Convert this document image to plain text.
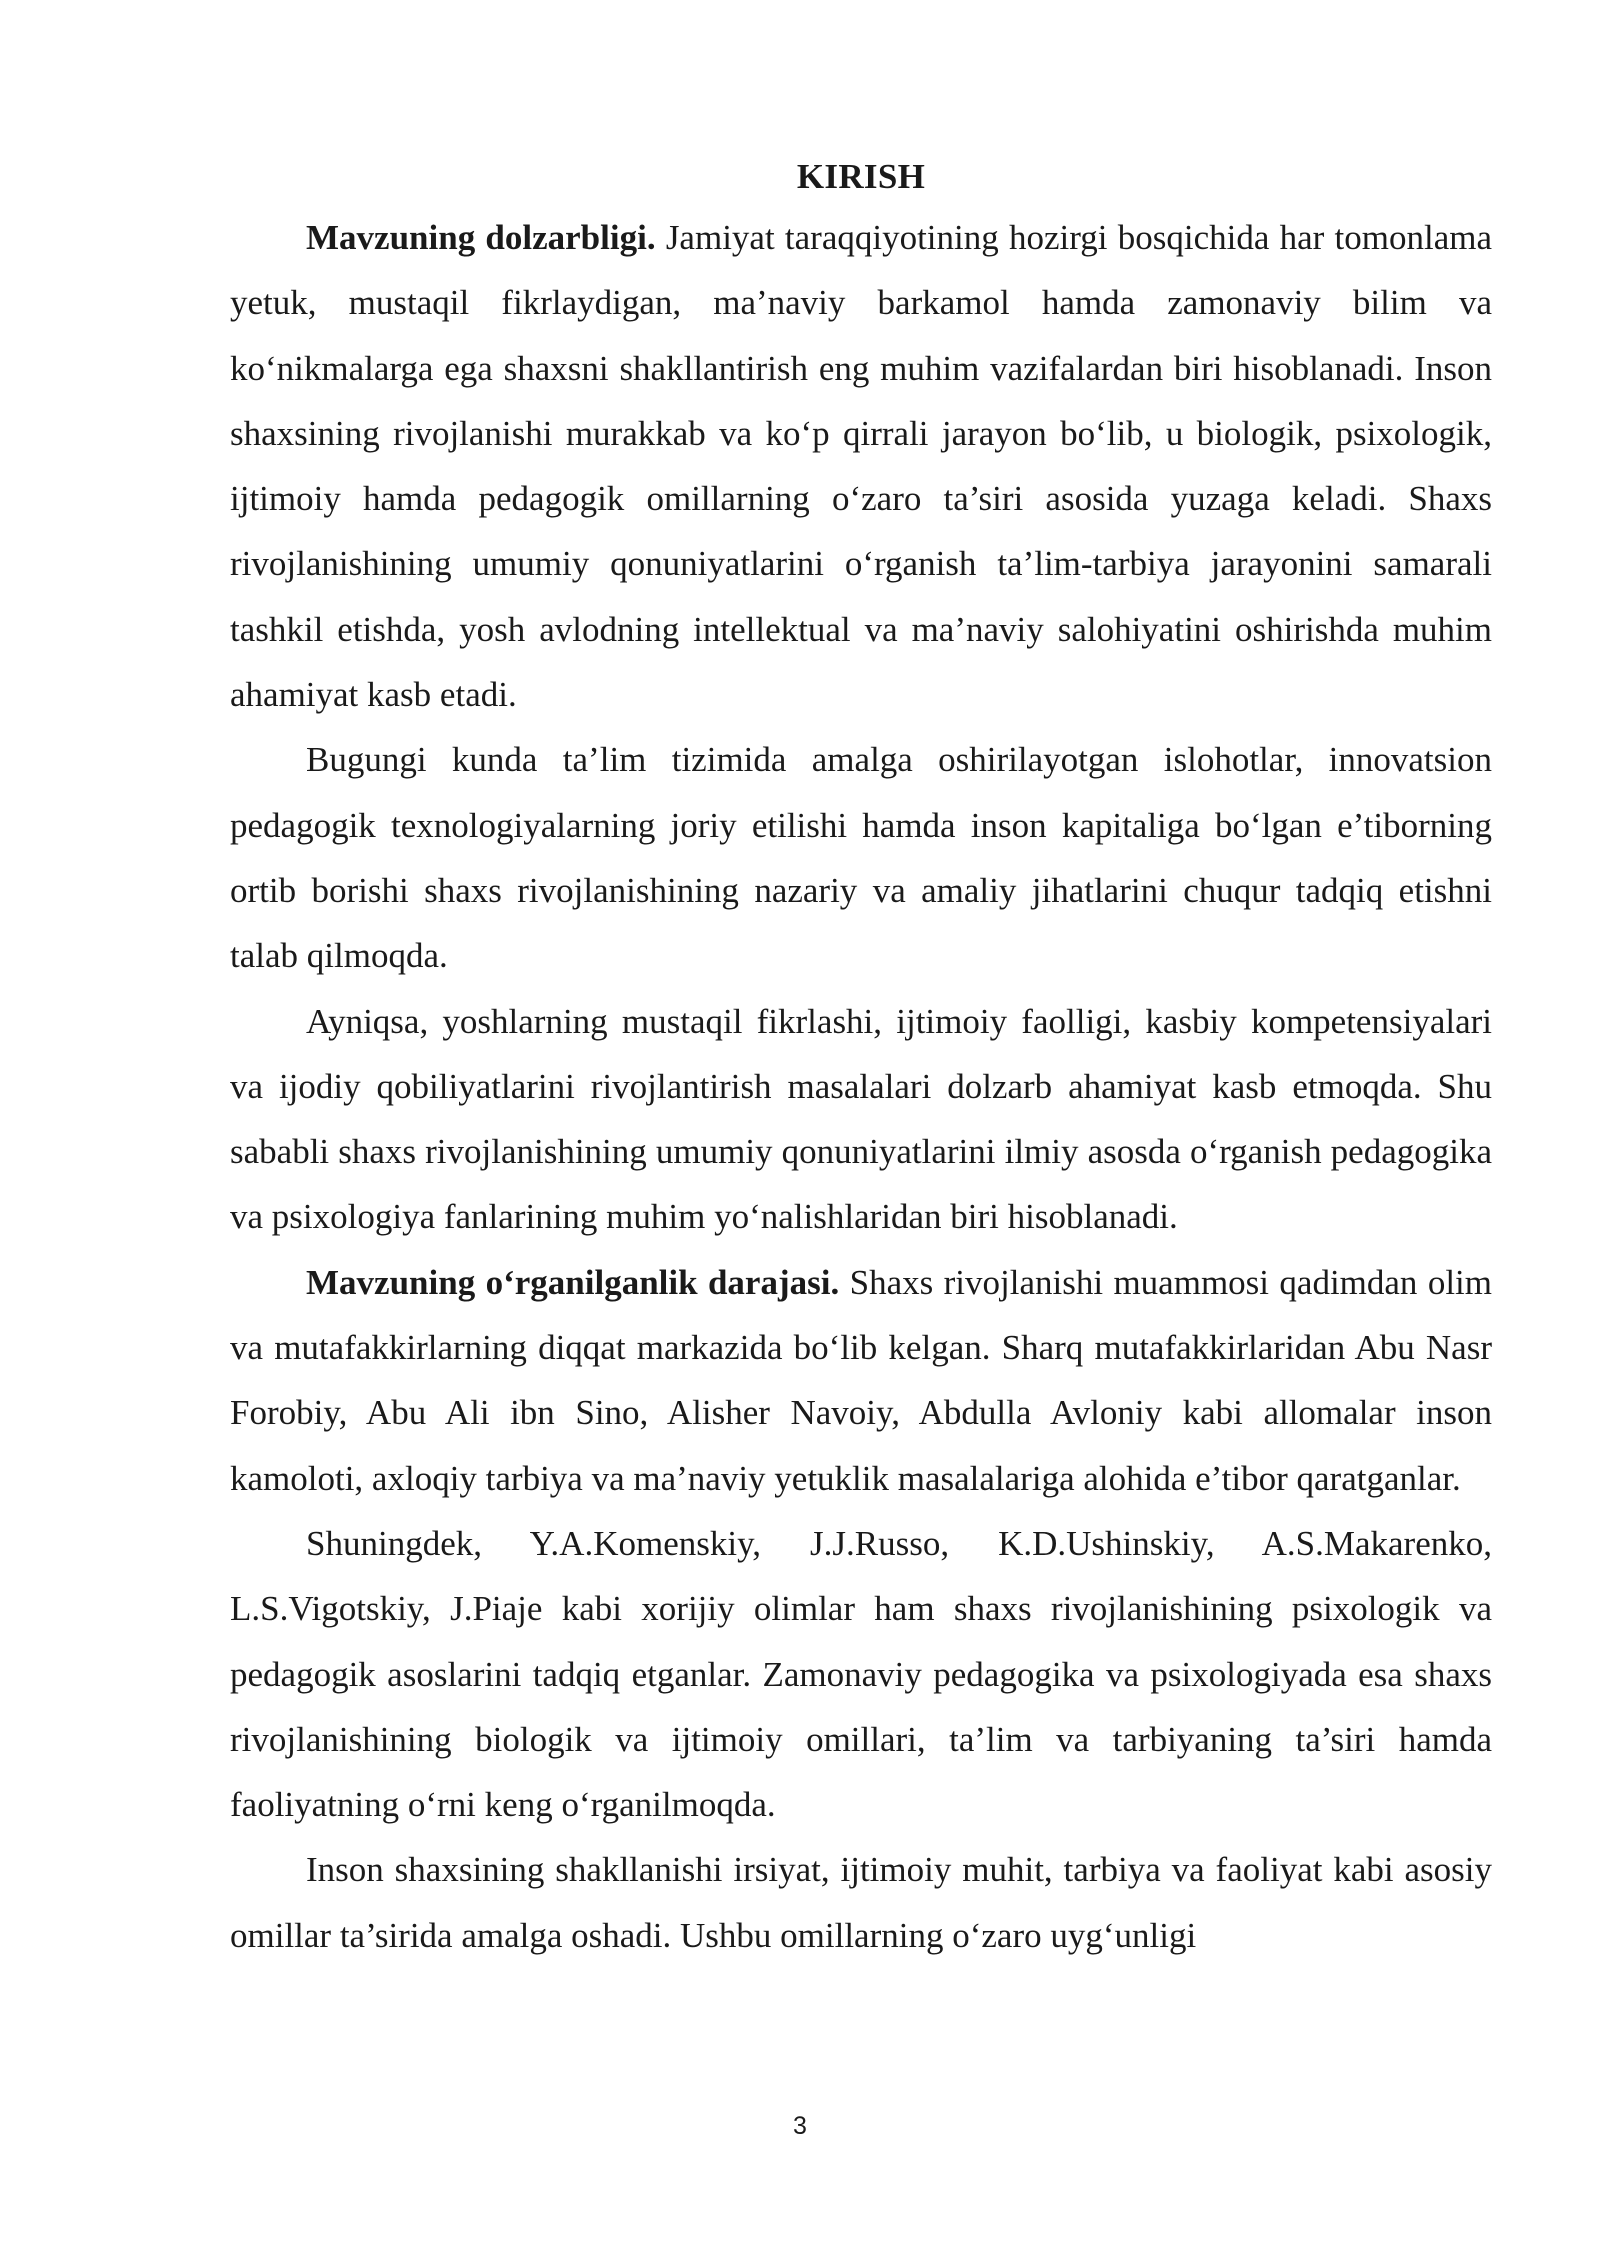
KIRISH

Mavzuning dolzarbligi. Jamiyat taraqqiyotining hozirgi bosqichida har tomonlama yetuk, mustaqil fikrlaydigan, ma’naviy barkamol hamda zamonaviy bilim va ko‘nikmalarga ega shaxsni shakllantirish eng muhim vazifalardan biri hisoblanadi. Inson shaxsining rivojlanishi murakkab va ko‘p qirrali jarayon bo‘lib, u biologik, psixologik, ijtimoiy hamda pedagogik omillarning o‘zaro ta’siri asosida yuzaga keladi. Shaxs rivojlanishining umumiy qonuniyatlarini o‘rganish ta’lim-tarbiya jarayonini samarali tashkil etishda, yosh avlodning intellektual va ma’naviy salohiyatini oshirishda muhim ahamiyat kasb etadi.

Bugungi kunda ta’lim tizimida amalga oshirilayotgan islohotlar, innovatsion pedagogik texnologiyalarning joriy etilishi hamda inson kapitaliga bo‘lgan e’tiborning ortib borishi shaxs rivojlanishining nazariy va amaliy jihatlarini chuqur tadqiq etishni talab qilmoqda.

Ayniqsa, yoshlarning mustaqil fikrlashi, ijtimoiy faolligi, kasbiy kompetensiyalari va ijodiy qobiliyatlarini rivojlantirish masalalari dolzarb ahamiyat kasb etmoqda. Shu sababli shaxs rivojlanishining umumiy qonuniyatlarini ilmiy asosda o‘rganish pedagogika va psixologiya fanlarining muhim yo‘nalishlaridan biri hisoblanadi.

Mavzuning o‘rganilganlik darajasi. Shaxs rivojlanishi muammosi qadimdan olim va mutafakkirlarning diqqat markazida bo‘lib kelgan. Sharq mutafakkirlaridan Abu Nasr Forobiy, Abu Ali ibn Sino, Alisher Navoiy, Abdulla Avloniy kabi allomalar inson kamoloti, axloqiy tarbiya va ma’naviy yetuklik masalalariga alohida e’tibor qaratganlar.

Shuningdek, Y.A.Komenskiy, J.J.Russo, K.D.Ushinskiy, A.S.Makarenko, L.S.Vigotskiy, J.Piaje kabi xorijiy olimlar ham shaxs rivojlanishining psixologik va pedagogik asoslarini tadqiq etganlar. Zamonaviy pedagogika va psixologiyada esa shaxs rivojlanishining biologik va ijtimoiy omillari, ta’lim va tarbiyaning ta’siri hamda faoliyatning o‘rni keng o‘rganilmoqda.

Inson shaxsining shakllanishi irsiyat, ijtimoiy muhit, tarbiya va faoliyat kabi asosiy omillar ta’sirida amalga oshadi. Ushbu omillarning o‘zaro uyg‘unligi

3
